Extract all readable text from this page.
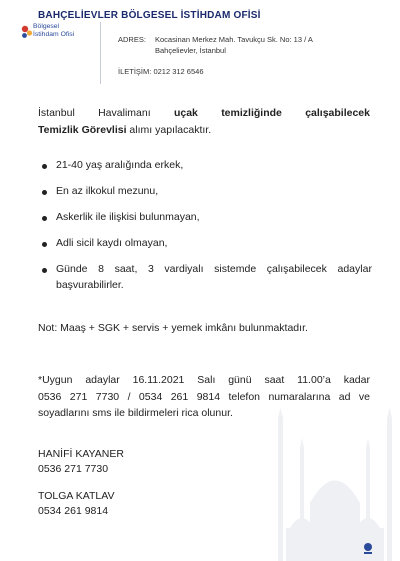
BAHÇELİEVLER BÖLGESEL İSTİHDAM OFİSİ
Bölgesel
İstihdam Ofisi
ADRES: Kocasinan Merkez Mah. Tavukçu Sk. No: 13 / A
Bahçelievler, İstanbul
İLETİŞİM: 0212 312 6546
İstanbul Havalimanı uçak temizliğinde çalışabilecek
Temizlik Görevlisi alımı yapılacaktır.
21-40 yaş aralığında erkek,
En az ilkokul mezunu,
Askerlik ile ilişkisi bulunmayan,
Adli sicil kaydı olmayan,
Günde 8 saat, 3 vardiyalı sistemde çalışabilecek adaylar
başvurabilirler.
Not: Maaş + SGK + servis + yemek imkânı bulunmaktadır.
*Uygun adaylar 16.11.2021 Salı günü saat 11.00’a kadar
0536 271 7730 / 0534 261 9814 telefon numaralarına ad ve
soyadlarını sms ile bildirmeleri rica olunur.
HANİFİ KAYANER
0536 271 7730
TOLGA KATLAV
0534 261 9814
